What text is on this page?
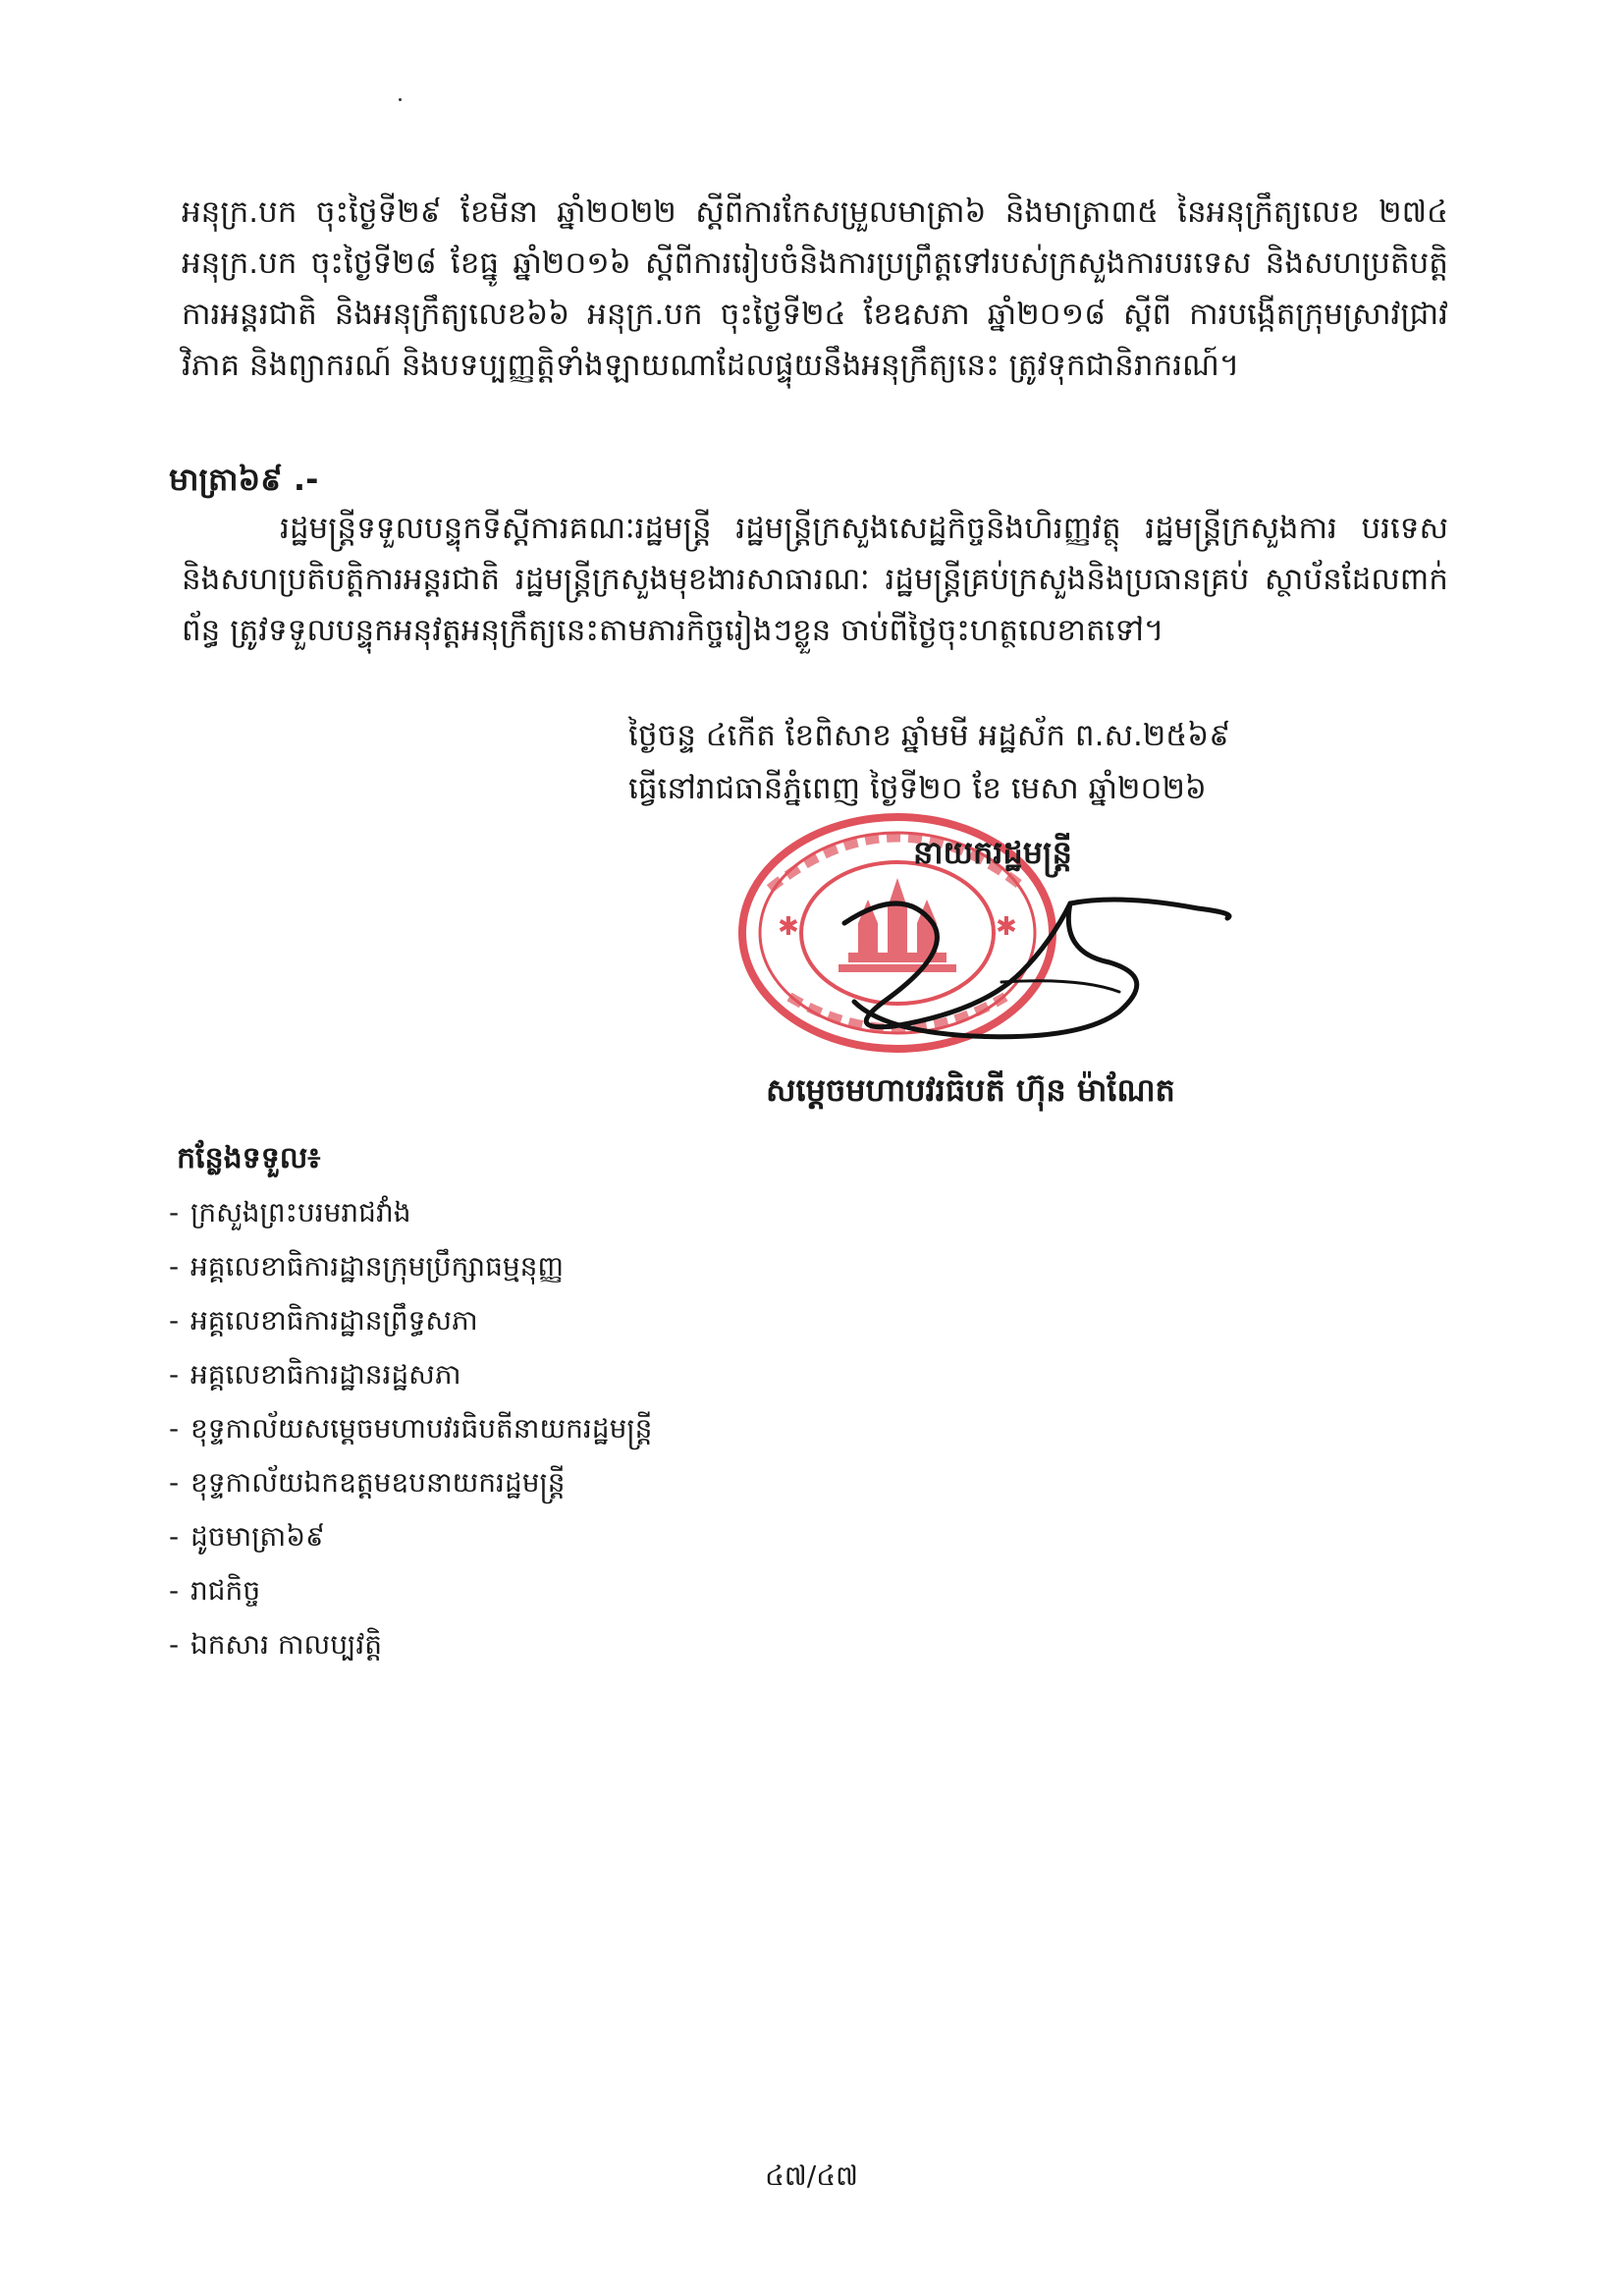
អនុក្រ.បក ចុះថ្ងៃទី២៩ ខែមីនា ឆ្នាំ២០២២ ស្តីពីការកែសម្រួលមាត្រា៦ និងមាត្រា៣៥ នៃអនុក្រឹត្យលេខ ២៧៤ អនុក្រ.បក ចុះថ្ងៃទី២៨ ខែធ្នូ ឆ្នាំ២០១៦ ស្តីពីការរៀបចំនិងការប្រព្រឹត្តទៅរបស់ក្រសួងការបរទេស និងសហប្រតិបត្តិការអន្តរជាតិ និងអនុក្រឹត្យលេខ៦៦ អនុក្រ.បក ចុះថ្ងៃទី២៤ ខែឧសភា ឆ្នាំ២០១៨ ស្តីពី ការបង្កើតក្រុមស្រាវជ្រាវ វិភាគ និងព្យាករណ៍ និងបទប្បញ្ញត្តិទាំងឡាយណាដែលផ្ទុយនឹងអនុក្រឹត្យនេះ ត្រូវទុកជានិរាករណ៍។
មាត្រា៦៩ .-
រដ្ឋមន្ត្រីទទួលបន្ទុកទីស្តីការគណៈរដ្ឋមន្ត្រី រដ្ឋមន្ត្រីក្រសួងសេដ្ឋកិច្ចនិងហិរញ្ញវត្ថុ រដ្ឋមន្ត្រីក្រសួងការ បរទេសនិងសហប្រតិបត្តិការអន្តរជាតិ រដ្ឋមន្ត្រីក្រសួងមុខងារសាធារណៈ រដ្ឋមន្ត្រីគ្រប់ក្រសួងនិងប្រធានគ្រប់ ស្ថាប័នដែលពាក់ព័ន្ធ ត្រូវទទួលបន្ទុកអនុវត្តអនុក្រឹត្យនេះតាមភារកិច្ចរៀងៗខ្លួន ចាប់ពីថ្ងៃចុះហត្ថលេខាតទៅ។
ថ្ងៃចន្ទ ៤កើត ខែពិសាខ ឆ្នាំមមី អដ្ឋស័ក ព.ស.២៥៦៩
ធ្វើនៅរាជធានីភ្នំពេញ ថ្ងៃទី២០ ខែ មេសា ឆ្នាំ២០២៦
✱	✱
នាយករដ្ឋមន្ត្រី
សម្តេចមហាបវរធិបតី ហ៊ុន ម៉ាណែត
កន្លែងទទួល៖
- ក្រសួងព្រះបរមរាជវាំង
- អគ្គលេខាធិការដ្ឋានក្រុមប្រឹក្សាធម្មនុញ្ញ
- អគ្គលេខាធិការដ្ឋានព្រឹទ្ធសភា
- អគ្គលេខាធិការដ្ឋានរដ្ឋសភា
- ខុទ្ទកាល័យសម្តេចមហាបវរធិបតីនាយករដ្ឋមន្ត្រី
- ខុទ្ទកាល័យឯកឧត្តមឧបនាយករដ្ឋមន្ត្រី
- ដូចមាត្រា៦៩
- រាជកិច្ច
- ឯកសារ កាលប្បវត្តិ
៤៧/៤៧
